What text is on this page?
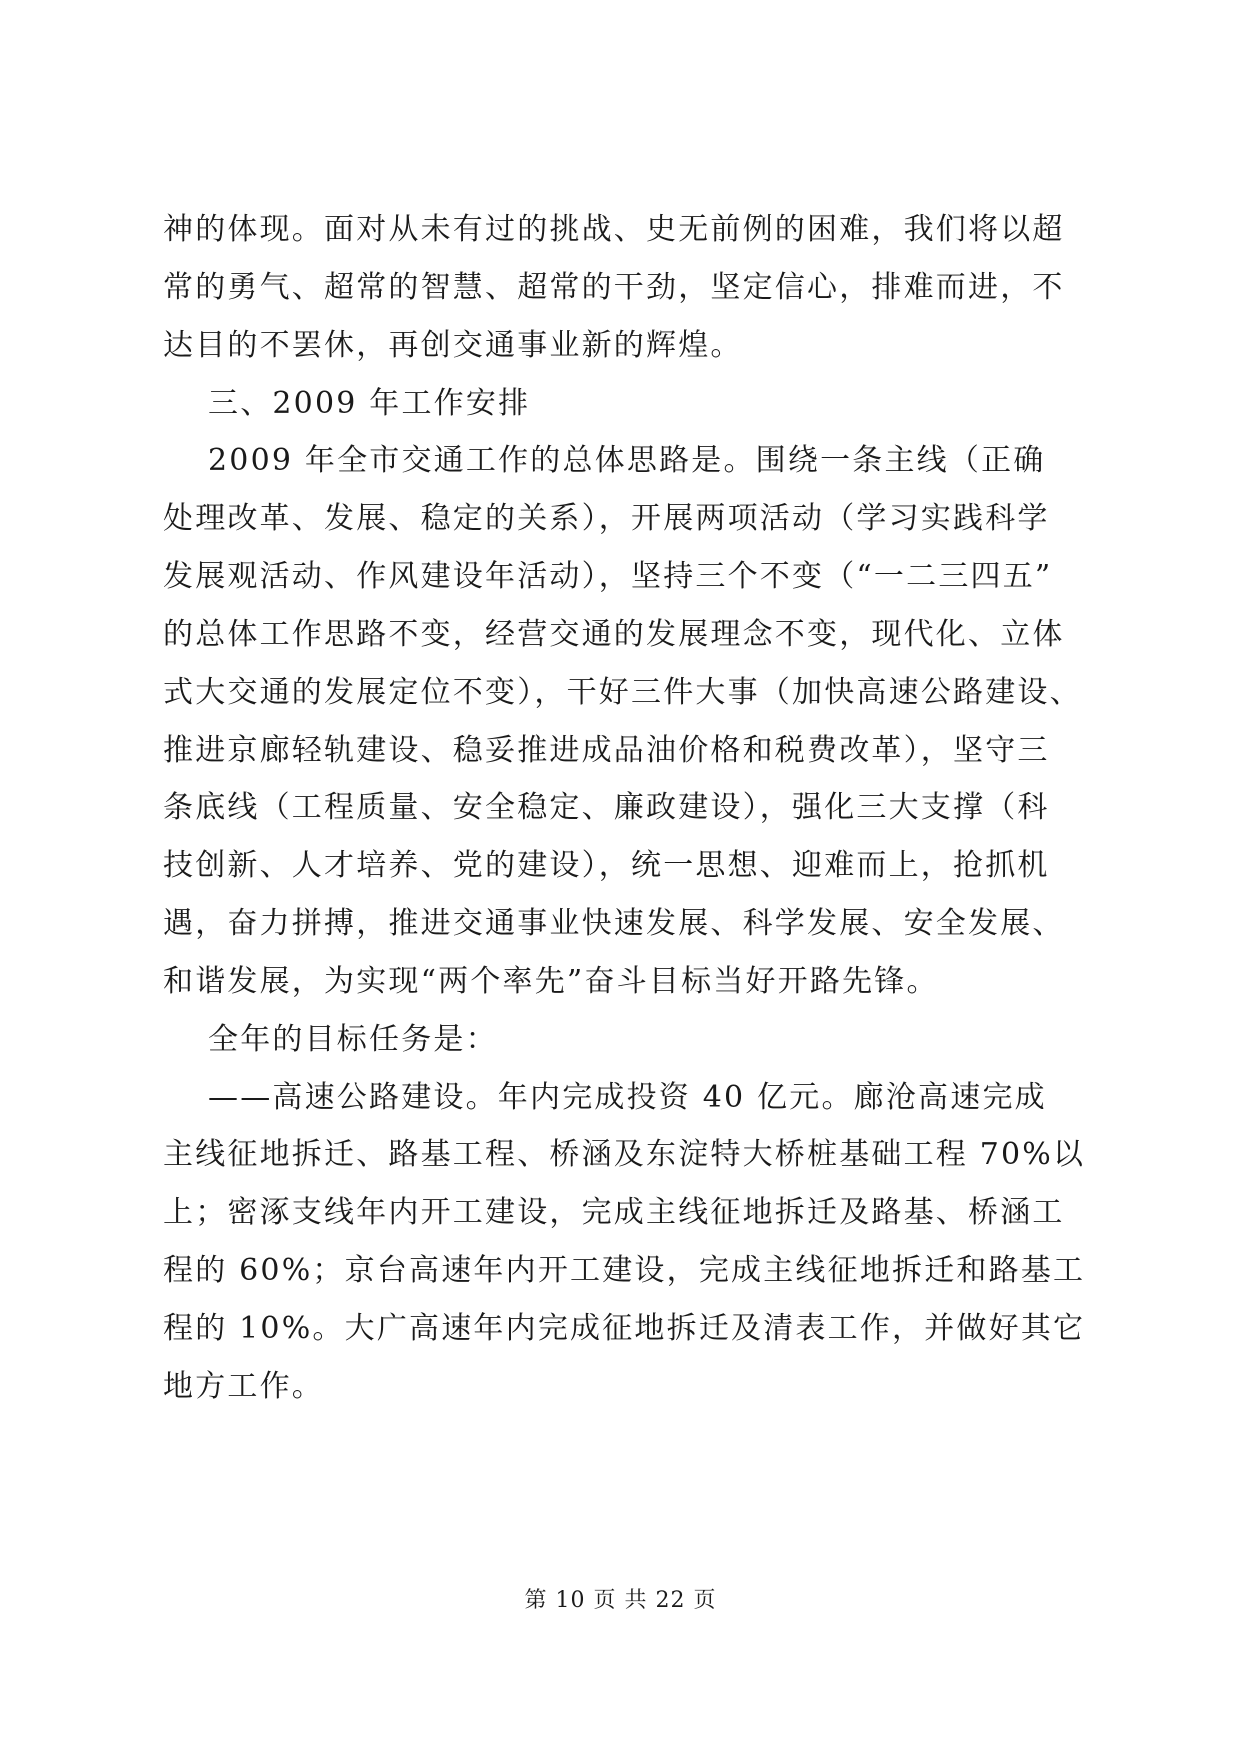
神的体现。面对从未有过的挑战、史无前例的困难，我们将以超
常的勇气、超常的智慧、超常的干劲，坚定信心，排难而进，不
达目的不罢休，再创交通事业新的辉煌。
三、2009 年工作安排
2009 年全市交通工作的总体思路是。围绕一条主线（正确
处理改革、发展、稳定的关系），开展两项活动（学习实践科学
发展观活动、作风建设年活动），坚持三个不变（“一二三四五”
的总体工作思路不变，经营交通的发展理念不变，现代化、立体
式大交通的发展定位不变），干好三件大事（加快高速公路建设、
推进京廊轻轨建设、稳妥推进成品油价格和税费改革），坚守三
条底线（工程质量、安全稳定、廉政建设），强化三大支撑（科
技创新、人才培养、党的建设），统一思想、迎难而上，抢抓机
遇，奋力拼搏，推进交通事业快速发展、科学发展、安全发展、
和谐发展，为实现“两个率先”奋斗目标当好开路先锋。
全年的目标任务是：
——高速公路建设。年内完成投资 40 亿元。廊沧高速完成
主线征地拆迁、路基工程、桥涵及东淀特大桥桩基础工程 70%以
上；密涿支线年内开工建设，完成主线征地拆迁及路基、桥涵工
程的 60%；京台高速年内开工建设，完成主线征地拆迁和路基工
程的 10%。大广高速年内完成征地拆迁及清表工作，并做好其它
地方工作。
第 10 页 共 22 页
